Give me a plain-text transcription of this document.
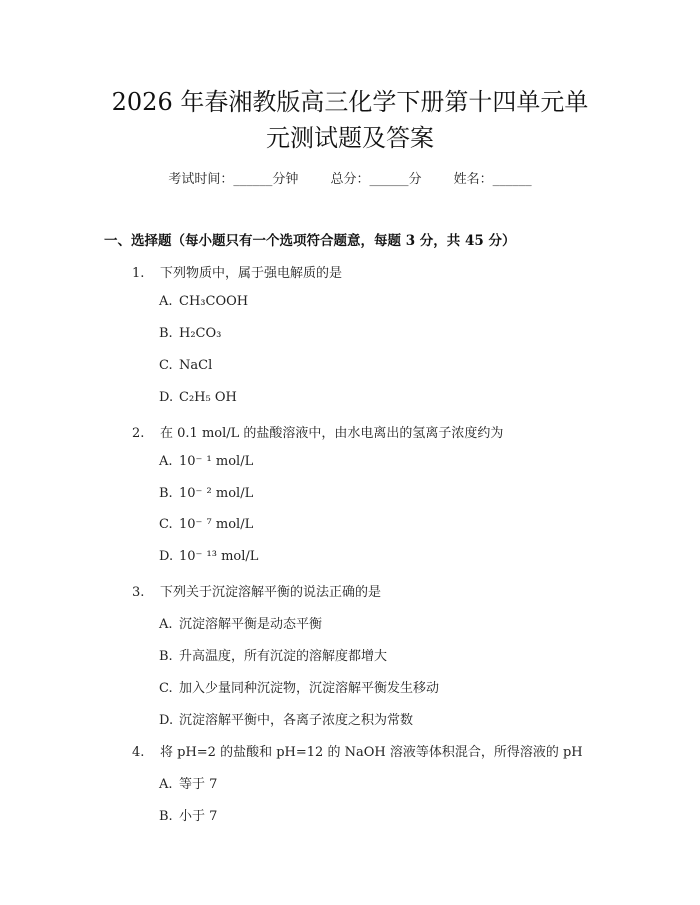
2026 年春湘教版高三化学下册第十四单元单
元测试题及答案
考试时间：______分钟 总分：______分 姓名：______
一、选择题（每小题只有一个选项符合题意，每题 3 分，共 45 分）
1. 下列物质中，属于强电解质的是
A. CH₃COOH
B. H₂CO₃
C. NaCl
D. C₂H₅ OH
2. 在 0.1 mol/L 的盐酸溶液中，由水电离出的氢离子浓度约为
A. 10⁻ ¹ mol/L
B. 10⁻ ² mol/L
C. 10⁻ ⁷ mol/L
D. 10⁻ ¹³ mol/L
3. 下列关于沉淀溶解平衡的说法正确的是
A. 沉淀溶解平衡是动态平衡
B. 升高温度，所有沉淀的溶解度都增大
C. 加入少量同种沉淀物，沉淀溶解平衡发生移动
D. 沉淀溶解平衡中，各离子浓度之积为常数
4. 将 pH=2 的盐酸和 pH=12 的 NaOH 溶液等体积混合，所得溶液的 pH
A. 等于 7
B. 小于 7
